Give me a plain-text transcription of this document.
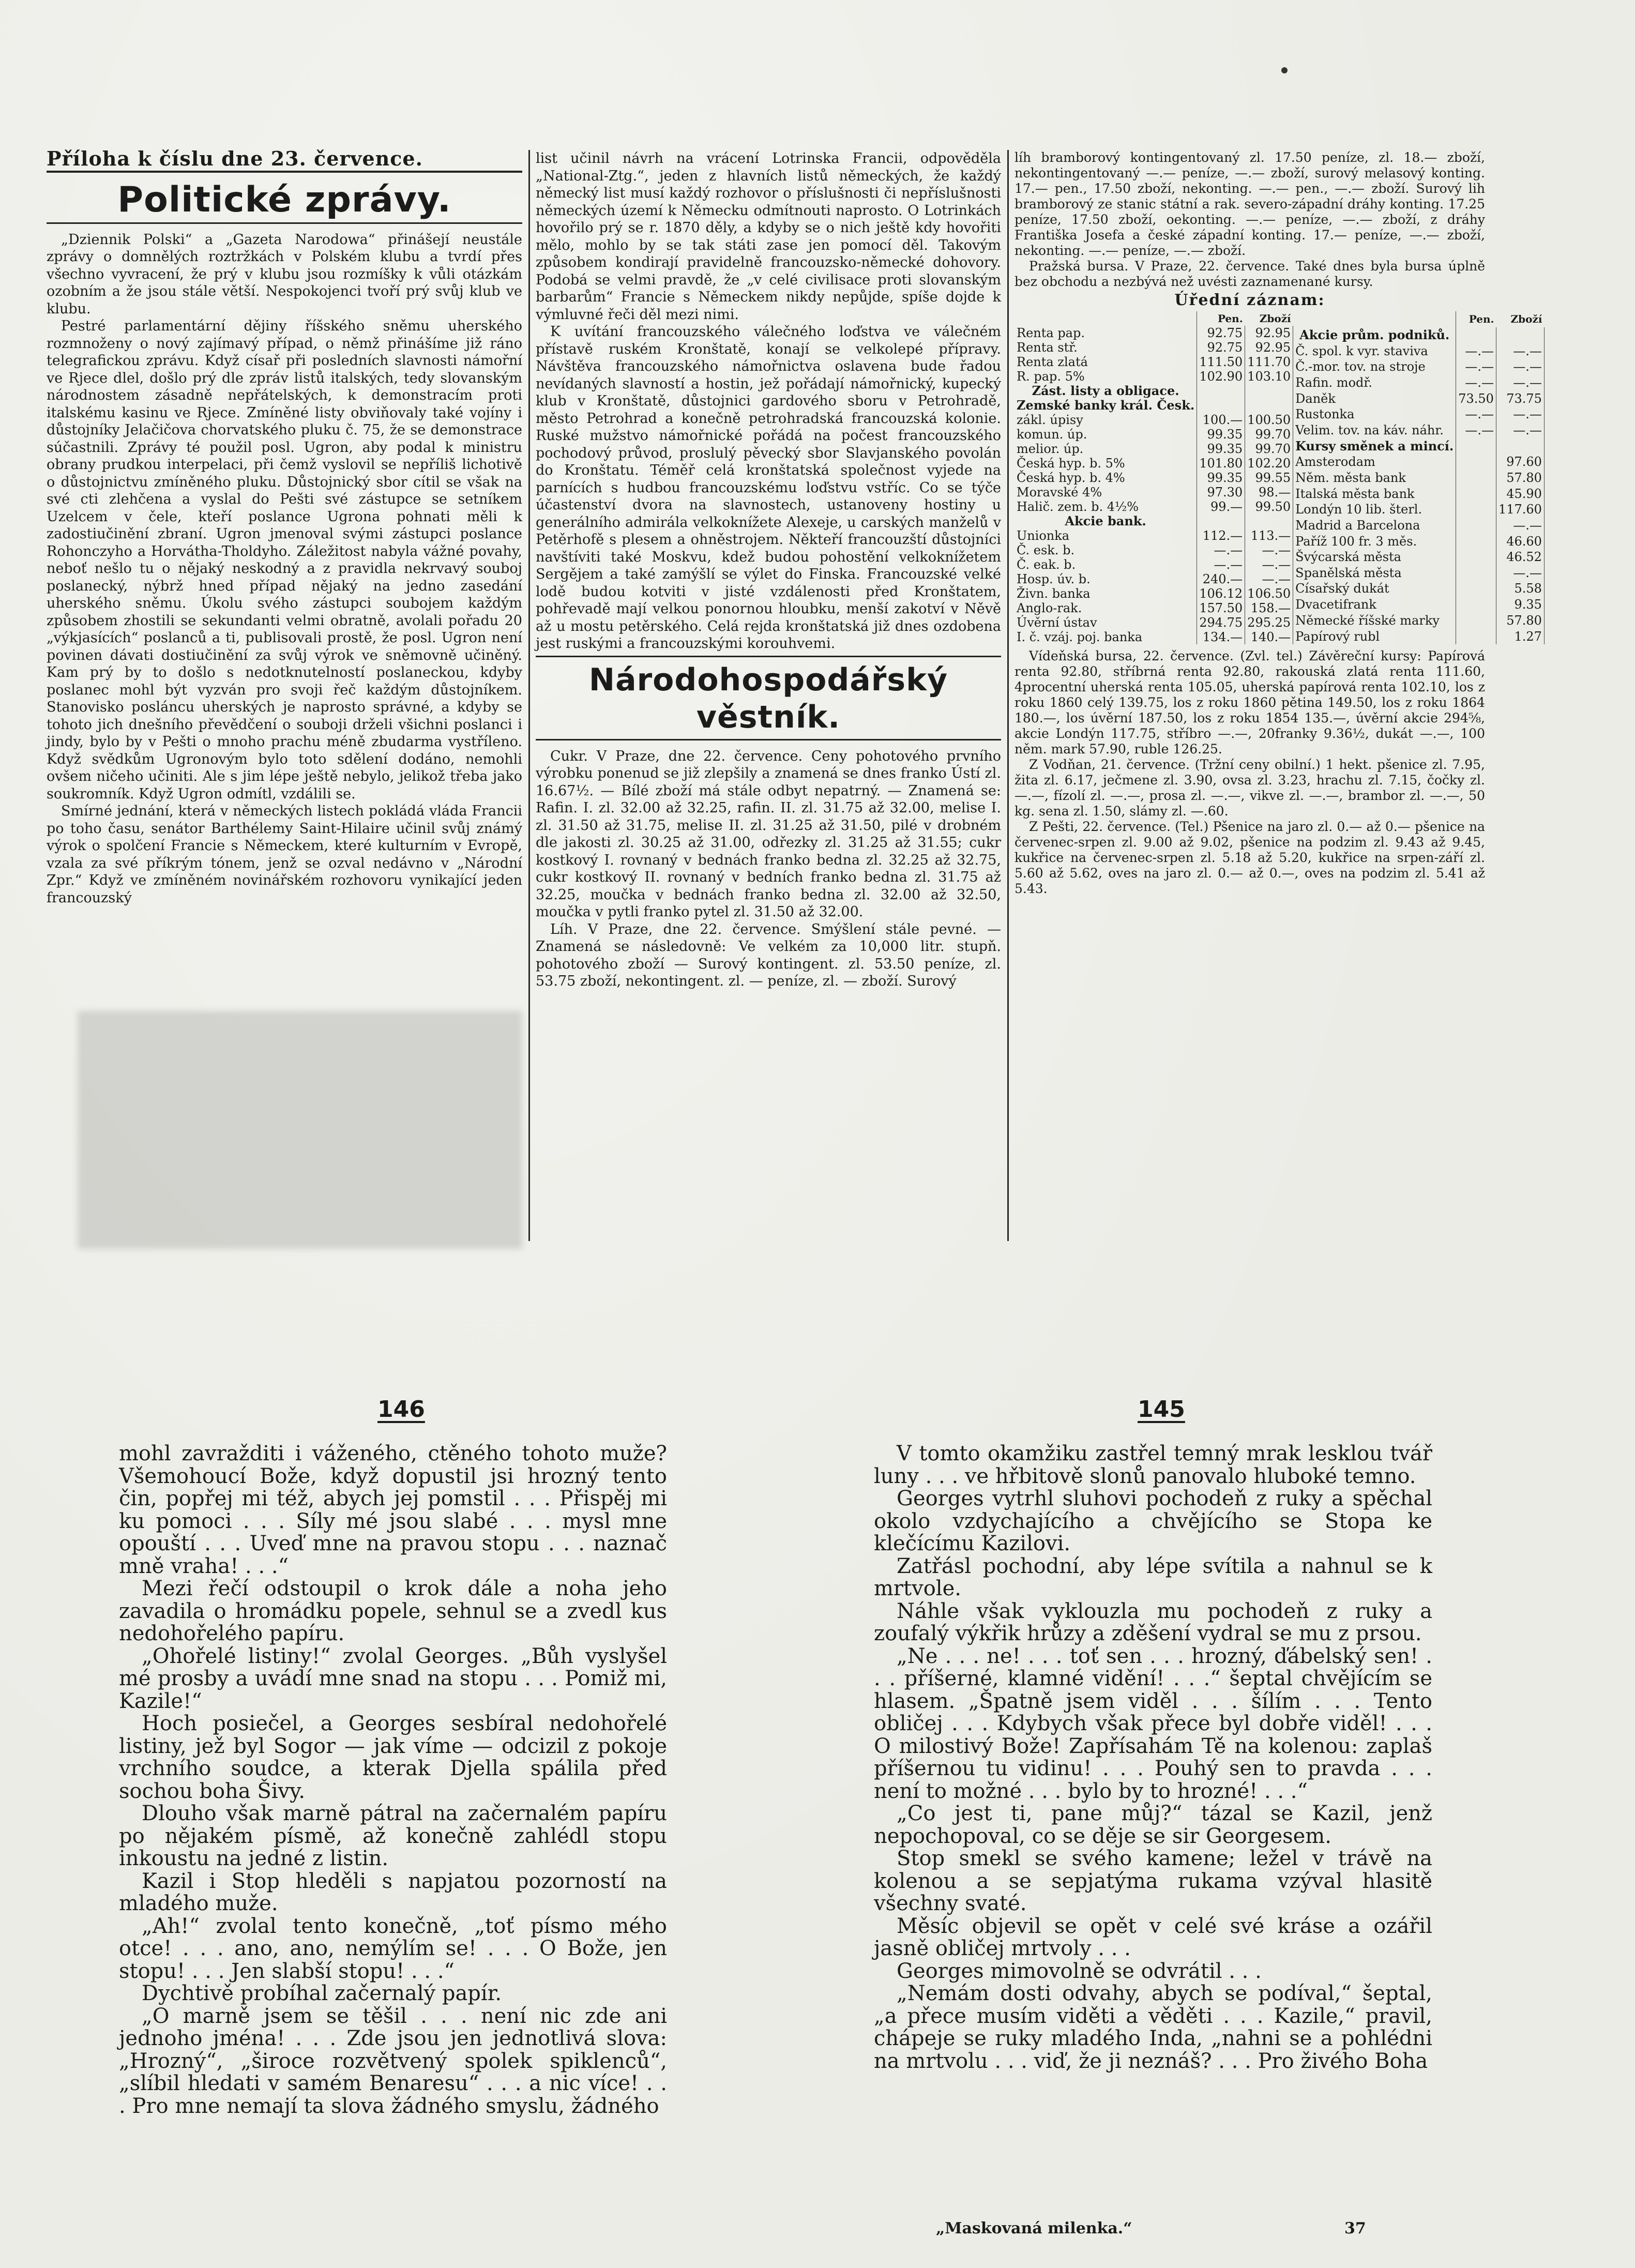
Příloha k číslu dne 23. července.
Politické zprávy.

„Dziennik Polski“ a „Gazeta Narodowa“ přinášejí neustále zprávy o domnělých roztržkách v Polském klubu a tvrdí přes všechno vyvracení, že prý v klubu jsou rozmíšky k vůli otázkám ozobním a že jsou stále větší. Nespokojenci tvoří prý svůj klub ve klubu.

Pestré parlamentární dějiny říšského sněmu uherského rozmnoženy o nový zajímavý případ, o němž přinášíme již ráno telegrafickou zprávu. Když císař při posledních slavnosti námořní ve Rjece dlel, došlo prý dle zpráv listů italských, tedy slovanským národnostem zásadně nepřátelských, k demonstracím proti italskému kasinu ve Rjece. Zmíněné listy obviňovaly také vojíny i důstojníky Jelačičova chorvatského pluku č. 75, že se demonstrace súčastnili. Zprávy té použil posl. Ugron, aby podal k ministru obrany prudkou interpelaci, při čemž vyslovil se nepříliš lichotivě o důstojnictvu zmíněného pluku. Důstojnický sbor cítil se však na své cti zlehčena a vyslal do Pešti své zástupce se setníkem Uzelcem v čele, kteří poslance Ugrona pohnati měli k zadostiučinění zbraní. Ugron jmenoval svými zástupci poslance Rohonczyho a Horvátha-Tholdyho. Záležitost nabyla vážné povahy, neboť nešlo tu o nějaký neskodný a z pravidla nekrvavý souboj poslanecký, nýbrž hned případ nějaký na jedno zasedání uherského sněmu. Úkolu svého zástupci soubojem každým způsobem zhostili se sekundanti velmi obratně, avolali pořadu 20 „výkjasících“ poslanců a ti, publisovali prostě, že posl. Ugron není povinen dávati dostiučinění za svůj výrok ve sněmovně učiněný. Kam prý by to došlo s nedotknutelností poslaneckou, kdyby poslanec mohl být vyzván pro svoji řeč každým důstojníkem. Stanovisko posláncu uherských je naprosto správné, a kdyby se tohoto jich dnešního převědčení o souboji drželi všichni poslanci i jindy, bylo by v Pešti o mnoho prachu méně zbudarma vystříleno. Když svědkům Ugronovým bylo toto sdělení dodáno, nemohli ovšem ničeho učiniti. Ale s jim lépe ještě nebylo, jelikož třeba jako soukromník. Když Ugron odmítl, vzdálili se.

Smírné jednání, která v německých listech pokládá vláda Francii po toho času, senátor Barthélemy Saint-Hilaire učinil svůj známý výrok o spolčení Francie s Německem, které kulturním v Evropě, vzala za své příkrým tónem, jenž se ozval nedávno v „Národní Zpr.“ Když ve zmíněném novinářském rozhovoru vynikající jeden francouzský

list učinil návrh na vrácení Lotrinska Francii, odpověděla „National-Ztg.“, jeden z hlavních listů německých, že každý německý list musí každý rozhovor o příslušnosti či nepříslušnosti německých území k Německu odmítnouti naprosto. O Lotrinkách hovořilo prý se r. 1870 děly, a kdyby se o nich ještě kdy hovořiti mělo, mohlo by se tak státi zase jen pomocí děl. Takovým způsobem kondirají pravidelně francouzsko-německé dohovory. Podobá se velmi pravdě, že „v celé civilisace proti slovanským barbarům“ Francie s Německem nikdy nepůjde, spíše dojde k výmluvné řeči děl mezi nimi.

K uvítání francouzského válečného loďstva ve válečném přístavě ruském Kronštatě, konají se velkolepé přípravy. Návštěva francouzského námořnictva oslavena bude řadou nevídaných slavností a hostin, jež pořádají námořnický, kupecký klub v Kronštatě, důstojnici gardového sboru v Petrohradě, město Petrohrad a konečně petrohradská francouzská kolonie. Ruské mužstvo námořnické pořádá na počest francouzského pochodový průvod, proslulý pěvecký sbor Slavjanského povolán do Kronštatu. Téměř celá kronštatská společnost vyjede na parnících s hudbou francouzskému loďstvu vstříc. Co se týče účastenství dvora na slavnostech, ustanoveny hostiny u generálního admirála velkoknížete Alexeje, u carských manželů v Petěrhofě s plesem a ohněstrojem. Někteří francouzští důstojníci navštíviti také Moskvu, kdež budou pohostění velkoknížetem Sergějem a také zamýšlí se výlet do Finska. Francouzské velké lodě budou kotviti v jisté vzdálenosti před Kronštatem, pohřevadě mají velkou ponornou hloubku, menší zakotví v Něvě až u mostu petěrského. Celá rejda kronštatská již dnes ozdobena jest ruskými a francouzskými korouhvemi.

Národohospodářský věstník.

Cukr. V Praze, dne 22. července. Ceny pohotového prvního výrobku ponenud se již zlepšily a znamená se dnes franko Ústí zl. 16.67½. — Bílé zboží má stále odbyt nepatrný. — Znamená se: Rafin. I. zl. 32.00 až 32.25, rafin. II. zl. 31.75 až 32.00, melise I. zl. 31.50 až 31.75, melise II. zl. 31.25 až 31.50, pilé v drobném dle jakosti zl. 30.25 až 31.00, odřezky zl. 31.25 až 31.55; cukr kostkový I. rovnaný v bednách franko bedna zl. 32.25 až 32.75, cukr kostkový II. rovnaný v bedních franko bedna zl. 31.75 až 32.25, moučka v bednách franko bedna zl. 32.00 až 32.50, moučka v pytli franko pytel zl. 31.50 až 32.00.

Líh. V Praze, dne 22. července. Smýšlení stále pevné. — Znamená se následovně: Ve velkém za 10,000 litr. stupň. pohotového zboží — Surový kontingent. zl. 53.50 peníze, zl. 53.75 zboží, nekontingent. zl. — peníze, zl. — zboží. Surový

líh bramborový kontingentovaný zl. 17.50 peníze, zl. 18.— zboží, nekontingentovaný —.— peníze, —.— zboží, surový melasový konting. 17.— pen., 17.50 zboží, nekonting. —.— pen., —.— zboží. Surový lih bramborový ze stanic státní a rak. severo-západní dráhy konting. 17.25 peníze, 17.50 zboží, oekonting. —.— peníze, —.— zboží, z dráhy Františka Josefa a české západní konting. 17.— peníze, —.— zboží, nekonting. —.— peníze, —.— zboží.

Pražská bursa. V Praze, 22. července. Také dnes byla bursa úplně bez obchodu a nezbývá než uvésti zaznamenané kursy.

Úřední záznam:
	Pen.	Zboží
Renta pap.	92.75	92.95
Renta stř.	92.75	92.95
Renta zlatá	111.50	111.70
R. pap. 5%	102.90	103.10
Zást. listy a obligace.		
Zemské banky král. Česk.		
zákl. úpisy	100.—	100.50
komun. úp.	99.35	99.70
melior. úp.	99.35	99.70
Česká hyp. b. 5%	101.80	102.20
Česká hyp. b. 4%	99.35	99.55
Moravské 4%	97.30	98.—
Halič. zem. b. 4½%	99.—	99.50
Akcie bank.		
Unionka	112.—	113.—
Č. esk. b.	—.—	—.—
Č. eak. b.	—.—	—.—
Hosp. úv. b.	240.—	—.—
Živn. banka	106.12	106.50
Anglo-rak.	157.50	158.—
Úvěrní ústav	294.75	295.25
I. č. vzáj. poj. banka	134.—	140.—
	Pen.	Zboží
Akcie prům. podniků.		
Č. spol. k vyr. staviva	—.—	—.—
Č.-mor. tov. na stroje	—.—	—.—
Rafin. modř.	—.—	—.—
Daněk	73.50	73.75
Rustonka	—.—	—.—
Velim. tov. na káv. náhr.	—.—	—.—
Kursy směnek a mincí.		
Amsterodam		97.60
Něm. města bank		57.80
Italská města bank		45.90
Londýn 10 lib. šterl.		117.60
Madrid a Barcelona		—.—
Paříž 100 fr. 3 měs.		46.60
Švýcarská města		46.52
Spanělská města		—.—
Císařský dukát		5.58
Dvacetifrank		9.35
Německé říšské marky		57.80
Papírový rubl		1.27

Vídeňská bursa, 22. července. (Zvl. tel.) Závěreční kursy: Papírová renta 92.80, stříbrná renta 92.80, rakouská zlatá renta 111.60, 4procentní uherská renta 105.05, uherská papírová renta 102.10, los z roku 1860 celý 139.75, los z roku 1860 pětina 149.50, los z roku 1864 180.—, los úvěrní 187.50, los z roku 1854 135.—, úvěrní akcie 294⅝, akcie Londýn 117.75, stříbro —.—, 20franky 9.36½, dukát —.—, 100 něm. mark 57.90, ruble 126.25.

Z Vodňan, 21. července. (Tržní ceny obilní.) 1 hekt. pšenice zl. 7.95, žita zl. 6.17, ječmene zl. 3.90, ovsa zl. 3.23, hrachu zl. 7.15, čočky zl. —.—, fízolí zl. —.—, prosa zl. —.—, vikve zl. —.—, brambor zl. —.—, 50 kg. sena zl. 1.50, slámy zl. —.60.

Z Pešti, 22. července. (Tel.) Pšenice na jaro zl. 0.— až 0.— pšenice na červenec-srpen zl. 9.00 až 9.02, pšenice na podzim zl. 9.43 až 9.45, kukřice na červenec-srpen zl. 5.18 až 5.20, kukřice na srpen-září zl. 5.60 až 5.62, oves na jaro zl. 0.— až 0.—, oves na podzim zl. 5.41 až 5.43.

146	145

mohl zavražditi i váženého, ctěného tohoto muže? Všemohoucí Bože, když dopustil jsi hrozný tento čin, popřej mi též, abych jej pomstil . . . Přispěj mi ku pomoci . . . Síly mé jsou slabé . . . mysl mne opouští . . . Uveď mne na pravou stopu . . . naznač mně vraha! . . .“

Mezi řečí odstoupil o krok dále a noha jeho zavadila o hromádku popele, sehnul se a zvedl kus nedohořelého papíru.

„Ohořelé listiny!“ zvolal Georges. „Bůh vyslyšel mé prosby a uvádí mne snad na stopu . . . Pomiž mi, Kazile!“

Hoch posiečel, a Georges sesbíral nedohořelé listiny, jež byl Sogor — jak víme — odcizil z pokoje vrchního soudce, a kterak Djella spálila před sochou boha Šivy.

Dlouho však marně pátral na začernalém papíru po nějakém písmě, až konečně zahlédl stopu inkoustu na jedné z listin.

Kazil i Stop hleděli s napjatou pozorností na mladého muže.

„Ah!“ zvolal tento konečně, „toť písmo mého otce! . . . ano, ano, nemýlím se! . . . O Bože, jen stopu! . . . Jen slabší stopu! . . .“

Dychtivě probíhal začernalý papír.

„O marně jsem se těšil . . . není nic zde ani jednoho jména! . . . Zde jsou jen jednotlivá slova: „Hrozný“, „široce rozvětvený spolek spiklenců“, „slíbil hledati v samém Benaresu“ . . . a nic více! . . . Pro mne nemají ta slova žádného smyslu, žádného

V tomto okamžiku zastřel temný mrak lesklou tvář luny . . . ve hřbitově slonů panovalo hluboké temno.

Georges vytrhl sluhovi pochodeň z ruky a spěchal okolo vzdychajícího a chvějícího se Stopa ke klečícímu Kazilovi.

Zatřásl pochodní, aby lépe svítila a nahnul se k mrtvole.

Náhle však vyklouzla mu pochodeň z ruky a zoufalý výkřik hrůzy a zděšení vydral se mu z prsou.

„Ne . . . ne! . . . toť sen . . . hrozný, ďábelský sen! . . . příšerné, klamné vidění! . . .“ šeptal chvějícím se hlasem. „Špatně jsem viděl . . . šílím . . . Tento obličej . . . Kdybych však přece byl dobře viděl! . . . O milostivý Bože! Zapřísahám Tě na kolenou: zaplaš příšernou tu vidinu! . . . Pouhý sen to pravda . . . není to možné . . . bylo by to hrozné! . . .“

„Co jest ti, pane můj?“ tázal se Kazil, jenž nepochopoval, co se děje se sir Georgesem.

Stop smekl se svého kamene; ležel v trávě na kolenou a se sepjatýma rukama vzýval hlasitě všechny svaté.

Měsíc objevil se opět v celé své kráse a ozářil jasně obličej mrtvoly . . .

Georges mimovolně se odvrátil . . .

„Nemám dosti odvahy, abych se podíval,“ šeptal, „a přece musím viděti a věděti . . . Kazile,“ pravil, chápeje se ruky mladého Inda, „nahni se a pohlédni na mrtvolu . . . viď, že ji neznáš? . . . Pro živého Boha

„Maskovaná milenka.“	37
